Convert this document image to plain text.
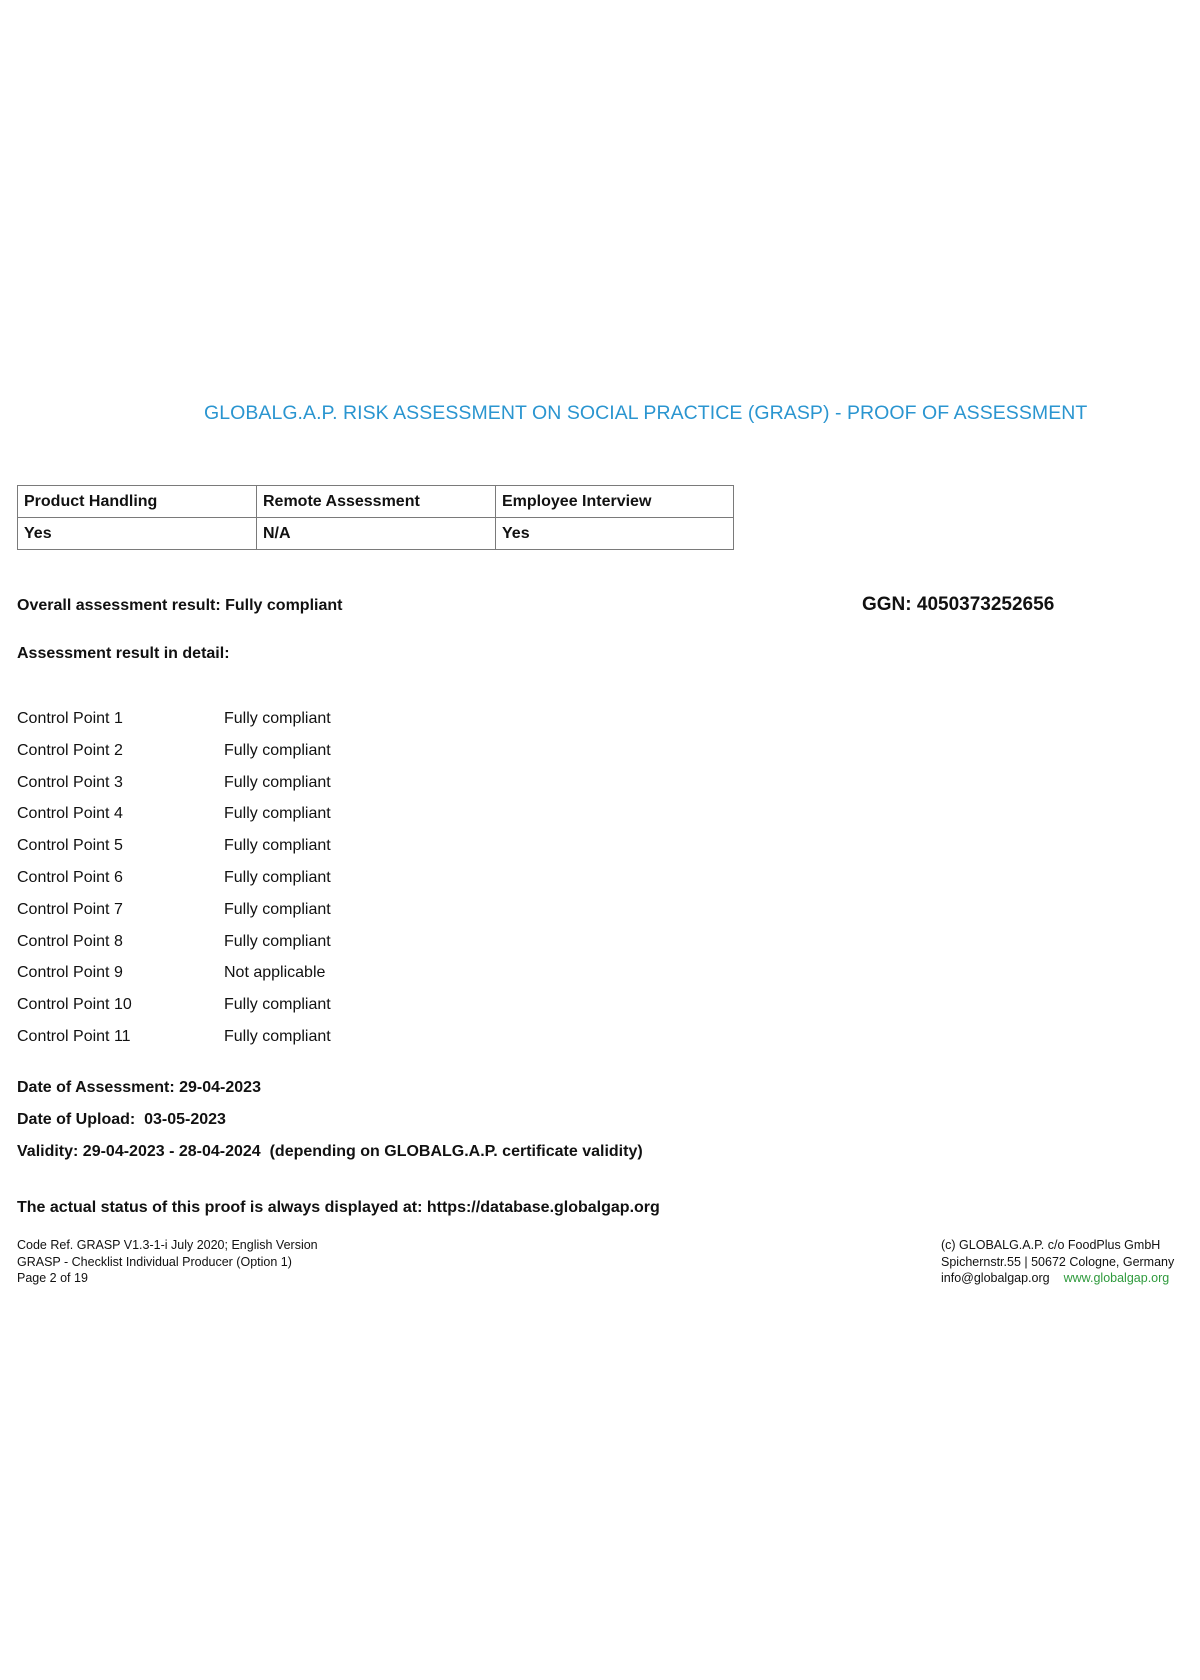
GLOBALG.A.P. RISK ASSESSMENT ON SOCIAL PRACTICE (GRASP) - PROOF OF ASSESSMENT
Product Handling	Remote Assessment	Employee Interview
Yes	N/A	Yes
Overall assessment result: Fully compliant	GGN: 4050373252656
Assessment result in detail:
Control Point 1	Fully compliant
Control Point 2	Fully compliant
Control Point 3	Fully compliant
Control Point 4	Fully compliant
Control Point 5	Fully compliant
Control Point 6	Fully compliant
Control Point 7	Fully compliant
Control Point 8	Fully compliant
Control Point 9	Not applicable
Control Point 10	Fully compliant
Control Point 11	Fully compliant
Date of Assessment: 29-04-2023
Date of Upload:  03-05-2023
Validity: 29-04-2023 - 28-04-2024  (depending on GLOBALG.A.P. certificate validity)
The actual status of this proof is always displayed at: https://database.globalgap.org
Code Ref. GRASP V1.3-1-i July 2020; English Version
GRASP - Checklist Individual Producer (Option 1)
Page 2 of 19
(c) GLOBALG.A.P. c/o FoodPlus GmbH
Spichernstr.55 | 50672 Cologne, Germany
info@globalgap.org www.globalgap.org
